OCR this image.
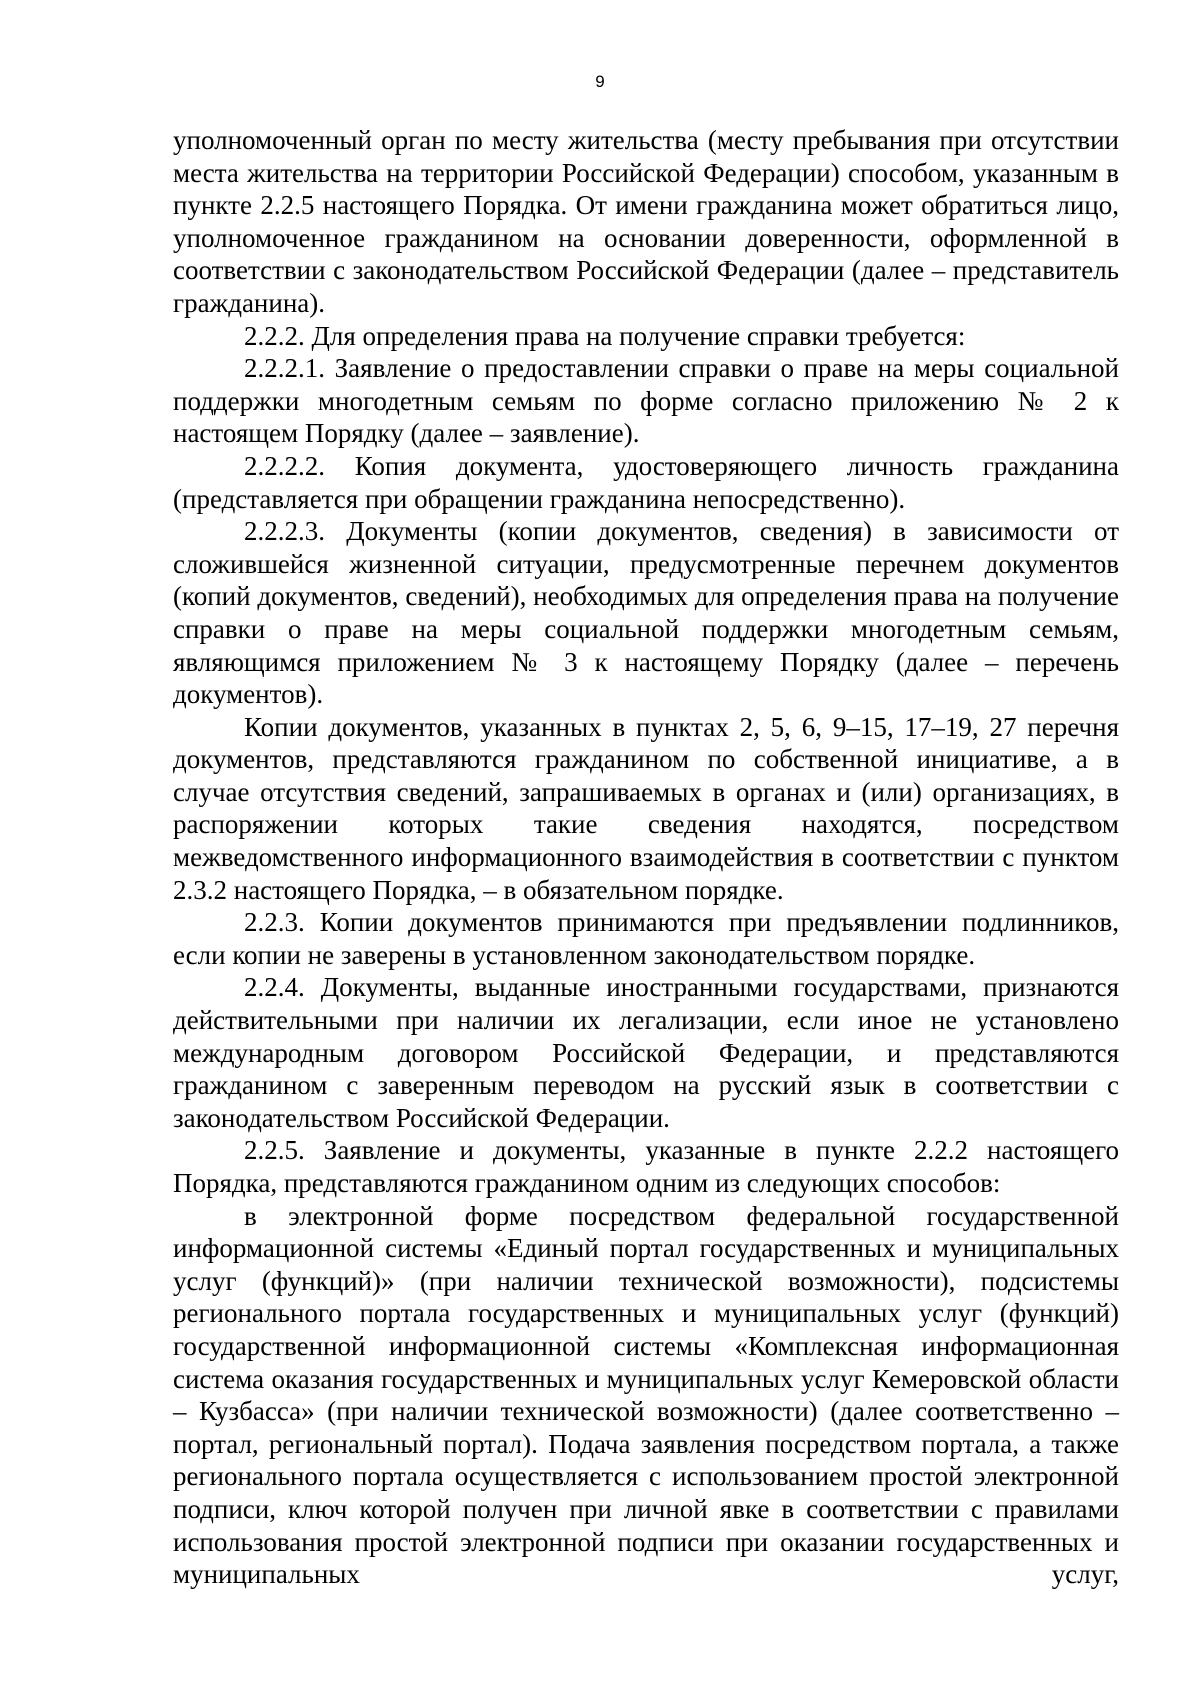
9

уполномоченный орган по месту жительства (месту пребывания при отсутствии места жительства на территории Российской Федерации) способом, указанным в пункте 2.2.5 настоящего Порядка. От имени гражданина может обратиться лицо, уполномоченное гражданином на основании доверенности, оформленной в соответствии с законодательством Российской Федерации (далее – представитель гражданина).

2.2.2. Для определения права на получение справки требуется:

2.2.2.1. Заявление о предоставлении справки о праве на меры социальной поддержки многодетным семьям по форме согласно приложению № 2 к настоящем Порядку (далее – заявление).

2.2.2.2. Копия документа, удостоверяющего личность гражданина (представляется при обращении гражданина непосредственно).

2.2.2.3. Документы (копии документов, сведения) в зависимости от сложившейся жизненной ситуации, предусмотренные перечнем документов (копий документов, сведений), необходимых для определения права на получение справки о праве на меры социальной поддержки многодетным семьям, являющимся приложением № 3 к настоящему Порядку (далее – перечень документов).

Копии документов, указанных в пунктах 2, 5, 6, 9–15, 17–19, 27 перечня документов, представляются гражданином по собственной инициативе, а в случае отсутствия сведений, запрашиваемых в органах и (или) организациях, в распоряжении которых такие сведения находятся, посредством межведомственного информационного взаимодействия в соответствии с пунктом 2.3.2 настоящего Порядка, – в обязательном порядке.

2.2.3. Копии документов принимаются при предъявлении подлинников, если копии не заверены в установленном законодательством порядке.

2.2.4. Документы, выданные иностранными государствами, признаются действительными при наличии их легализации, если иное не установлено международным договором Российской Федерации, и представляются гражданином с заверенным переводом на русский язык в соответствии с законодательством Российской Федерации.

2.2.5. Заявление и документы, указанные в пункте 2.2.2 настоящего Порядка, представляются гражданином одним из следующих способов:

в электронной форме посредством федеральной государственной информационной системы «Единый портал государственных и муниципальных услуг (функций)» (при наличии технической возможности), подсистемы регионального портала государственных и муниципальных услуг (функций) государственной информационной системы «Комплексная информационная система оказания государственных и муниципальных услуг Кемеровской области – Кузбасса» (при наличии технической возможности) (далее соответственно – портал, региональный портал). Подача заявления посредством портала, а также регионального портала осуществляется с использованием простой электронной подписи, ключ которой получен при личной явке в соответствии с правилами использования простой электронной подписи при оказании государственных и муниципальных услуг,
